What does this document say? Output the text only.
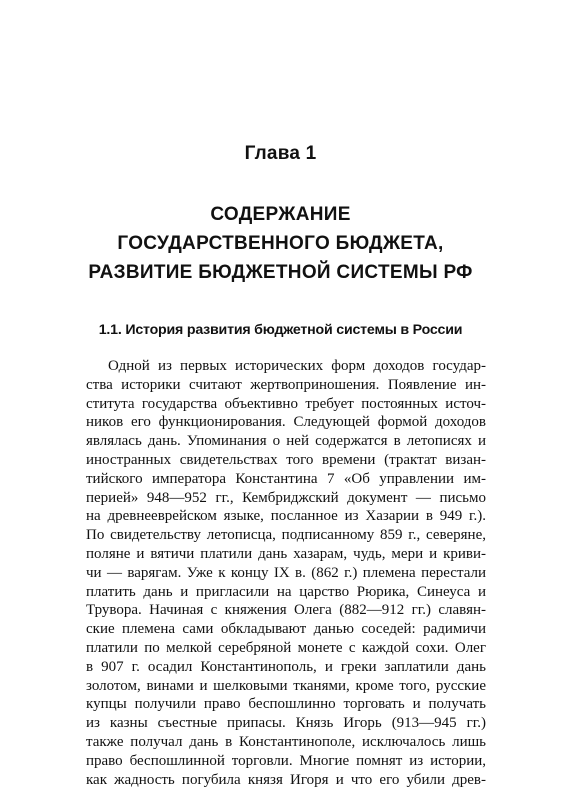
Глава 1
СОДЕРЖАНИЕ
ГОСУДАРСТВЕННОГО БЮДЖЕТА,
РАЗВИТИЕ БЮДЖЕТНОЙ СИСТЕМЫ РФ
1.1. История развития бюджетной системы в России
Одной из первых исторических форм доходов государ-
ства историки считают жертвоприношения. Появление ин-
ститута государства объективно требует постоянных источ-
ников его функционирования. Следующей формой доходов
являлась дань. Упоминания о ней содержатся в летописях и
иностранных свидетельствах того времени (трактат визан-
тийского императора Константина 7 «Об управлении им-
перией» 948—952 гг., Кембриджский документ — письмо
на древнееврейском языке, посланное из Хазарии в 949 г.).
По свидетельству летописца, подписанному 859 г., северяне,
поляне и вятичи платили дань хазарам, чудь, мери и криви-
чи — варягам. Уже к концу IX в. (862 г.) племена перестали
платить дань и пригласили на царство Рюрика, Синеуса и
Трувора. Начиная с княжения Олега (882—912 гг.) славян-
ские племена сами обкладывают данью соседей: радимичи
платили по мелкой серебряной монете с каждой сохи. Олег
в 907 г. осадил Константинополь, и греки заплатили дань
золотом, винами и шелковыми тканями, кроме того, русские
купцы получили право беспошлинно торговать и получать
из казны съестные припасы. Князь Игорь (913—945 гг.)
также получал дань в Константинополе, исключалось лишь
право беспошлинной торговли. Многие помнят из истории,
как жадность погубила князя Игоря и что его убили древ-
